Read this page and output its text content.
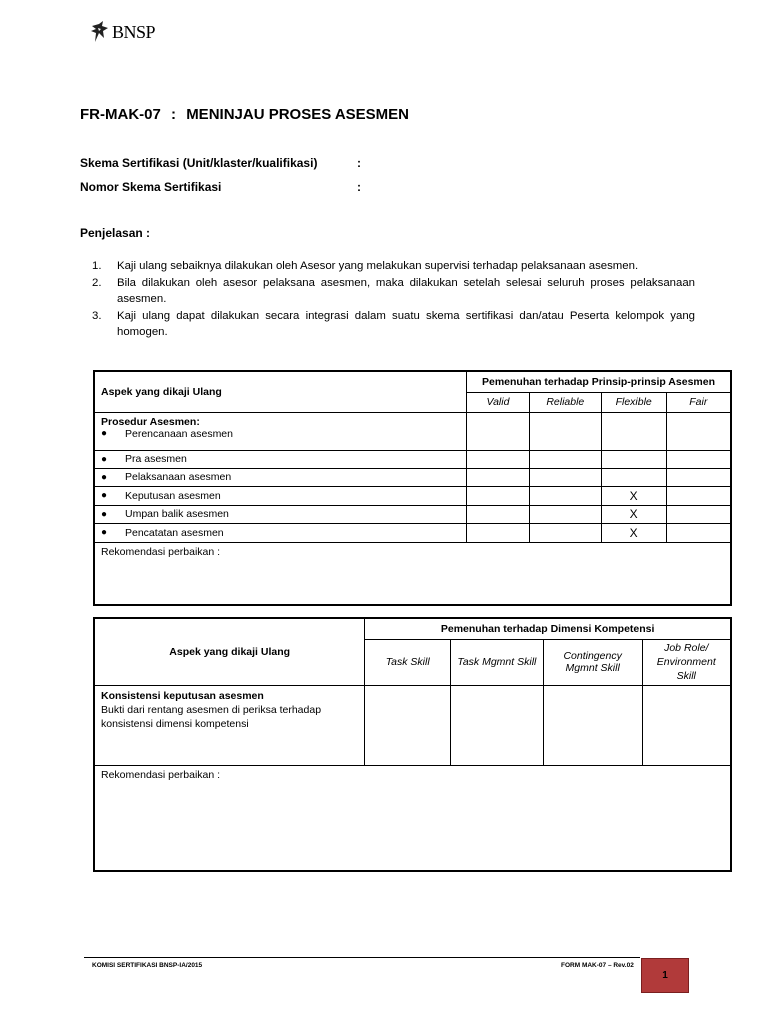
BNSP
FR-MAK-07 : MENINJAU PROSES ASESMEN
Skema Sertifikasi (Unit/klaster/kualifikasi)	:
Nomor Skema Sertifikasi	:
Penjelasan :
1. Kaji ulang sebaiknya dilakukan oleh Asesor yang melakukan supervisi terhadap pelaksanaan asesmen.
2. Bila dilakukan oleh asesor pelaksana asesmen, maka dilakukan setelah selesai seluruh proses pelaksanaan asesmen.
3. Kaji ulang dapat dilakukan secara integrasi dalam suatu skema sertifikasi dan/atau Peserta kelompok yang homogen.
Aspek yang dikaji Ulang	Pemenuhan terhadap Prinsip-prinsip Asesmen			
	Valid	Reliable	Flexible	Fair

Prosedur Asesmen:
● Perencanaan asesmen				

● Pra asesmen				

● Pelaksanaan asesmen				

● Keputusan asesmen			X	

● Umpan balik asesmen			X	

● Pencatatan asesmen			X	
Rekomendasi perbaikan :				
Aspek yang dikaji Ulang	Pemenuhan terhadap Dimensi Kompetensi			
	Task Skill	Task Mgmnt Skill	Contingency Mgmnt Skill	Job Role/ Environment Skill

Konsistensi keputusan asesmen
Bukti dari rentang asesmen di periksa terhadap konsistensi dimensi kompetensi				

Rekomendasi perbaikan :				
KOMISI SERTIFIKASI BNSP-IA/2015	FORM MAK-07 – Rev.02
1
